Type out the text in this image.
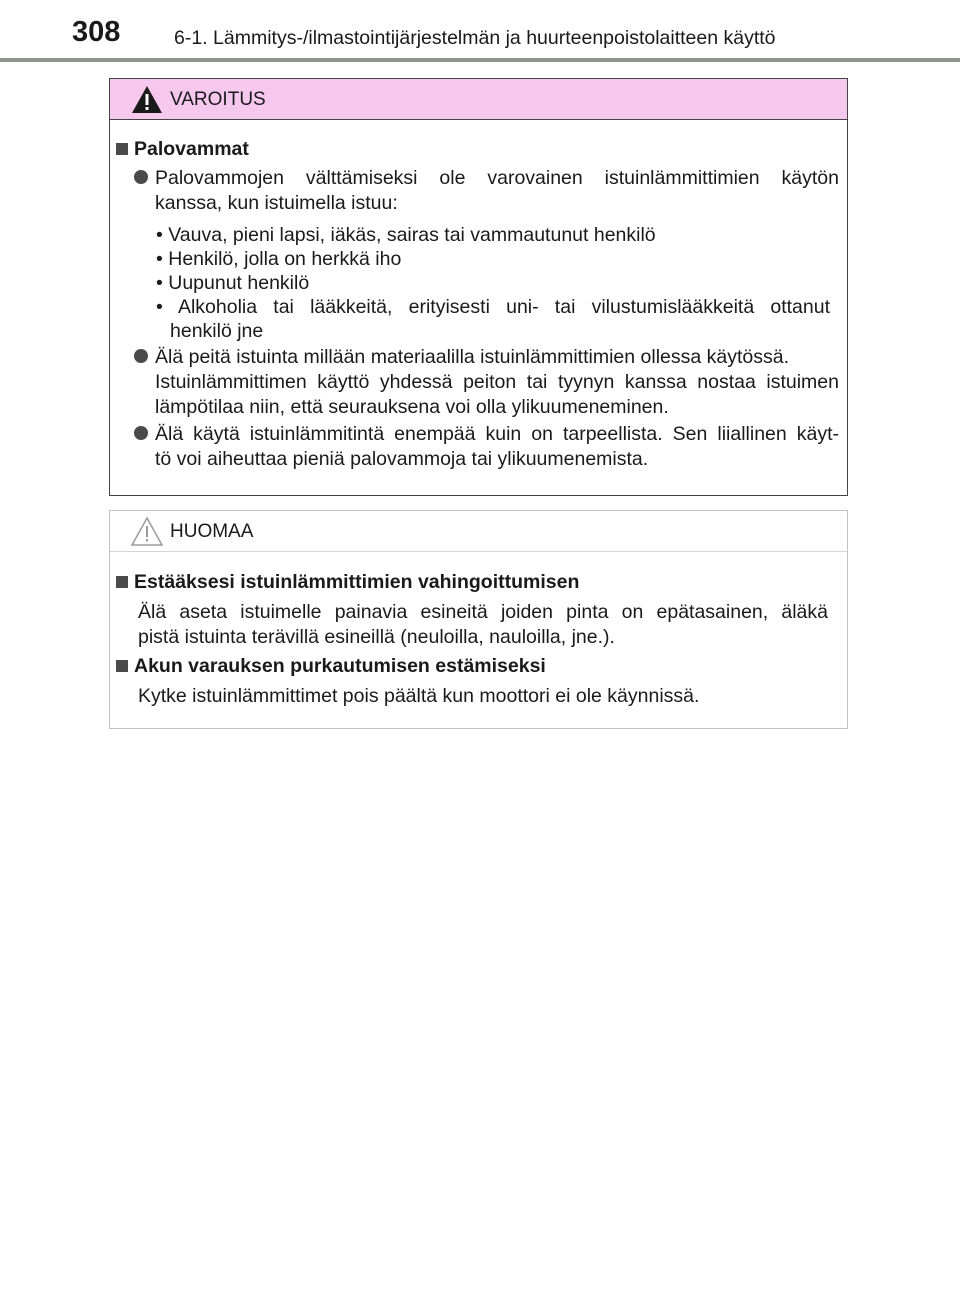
308	6-1. Lämmitys-/ilmastointijärjestelmän ja huurteenpoistolaitteen käyttö
VAROITUS
Palovammat
Palovammojen välttämiseksi ole varovainen istuinlämmittimien käytön
kanssa, kun istuimella istuu:
• Vauva, pieni lapsi, iäkäs, sairas tai vammautunut henkilö
• Henkilö, jolla on herkkä iho
• Uupunut henkilö
• Alkoholia tai lääkkeitä, erityisesti uni- tai vilustumislääkkeitä ottanut
henkilö jne
Älä peitä istuinta millään materiaalilla istuinlämmittimien ollessa käytössä.
Istuinlämmittimen käyttö yhdessä peiton tai tyynyn kanssa nostaa istuimen
lämpötilaa niin, että seurauksena voi olla ylikuumeneminen.
Älä käytä istuinlämmitintä enempää kuin on tarpeellista. Sen liiallinen käyt-
tö voi aiheuttaa pieniä palovammoja tai ylikuumenemista.
HUOMAA
Estääksesi istuinlämmittimien vahingoittumisen
Älä aseta istuimelle painavia esineitä joiden pinta on epätasainen, äläkä
pistä istuinta terävillä esineillä (neuloilla, nauloilla, jne.).
Akun varauksen purkautumisen estämiseksi
Kytke istuinlämmittimet pois päältä kun moottori ei ole käynnissä.
